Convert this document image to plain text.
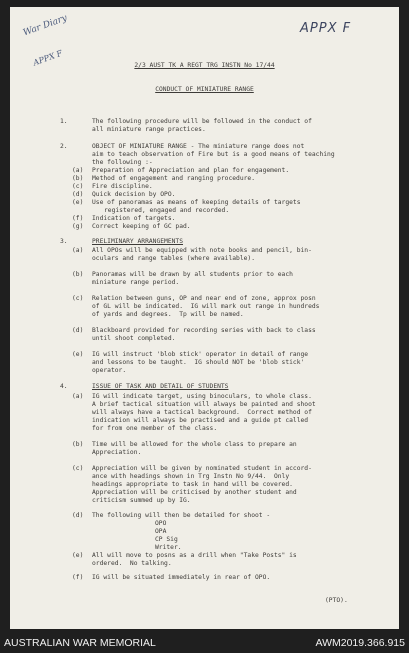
APPX F
War Diary
APPX F	2/3 AUST TK A REGT TRG INSTN No 17/44
CONDUCT OF MINIATURE RANGE
1.	The following procedure will be followed in the conduct of
all miniature range practices.
2.	OBJECT OF MINIATURE RANGE - The miniature range does not
aim to teach observation of Fire but is a good means of teaching
the following :-
(a) Preparation of Appreciation and plan for engagement.
(b) Method of engagement and ranging procedure.
(c) Fire discipline.
(d) Quick decision by OPO.
(e) Use of panoramas as means of keeping details of targets
registered, engaged and recorded.
(f) Indication of targets.
(g) Correct keeping of GC pad.
3.	PRELIMINARY ARRANGEMENTS
(a) All OPOs will be equipped with note books and pencil, bin-
oculars and range tables (where available).
(b) Panoramas will be drawn by all students prior to each
miniature range period.
(c) Relation between guns, OP and near end of zone, approx posn
of GL will be indicated.  IG will mark out range in hundreds
of yards and degrees.  Tp will be named.
(d) Blackboard provided for recording series with back to class
until shoot completed.
(e) IG will instruct 'blob stick' operator in detail of range
and lessons to be taught.  IG should NOT be 'blob stick'
operator.
4.	ISSUE OF TASK AND DETAIL OF STUDENTS
(a) IG will indicate target, using binoculars, to whole class.
A brief tactical situation will always be painted and shoot
will always have a tactical background.  Correct method of
indication will always be practised and a guide pt called
for from one member of the class.
(b) Time will be allowed for the whole class to prepare an
Appreciation.
(c) Appreciation will be given by nominated student in accord-
ance with headings shown in Trg Instn No 9/44.  Only
headings appropriate to task in hand will be covered.
Appreciation will be criticised by another student and
criticism summed up by IG.
(d) The following will then be detailed for shoot -
OPO
OPA
CP Sig
Writer.
(e) All will move to posns as a drill when "Take Posts" is
ordered.  No talking.
(f) IG will be situated immediately in rear of OPO.
(PTO).
AUSTRALIAN WAR MEMORIAL	AWM2019.366.915
